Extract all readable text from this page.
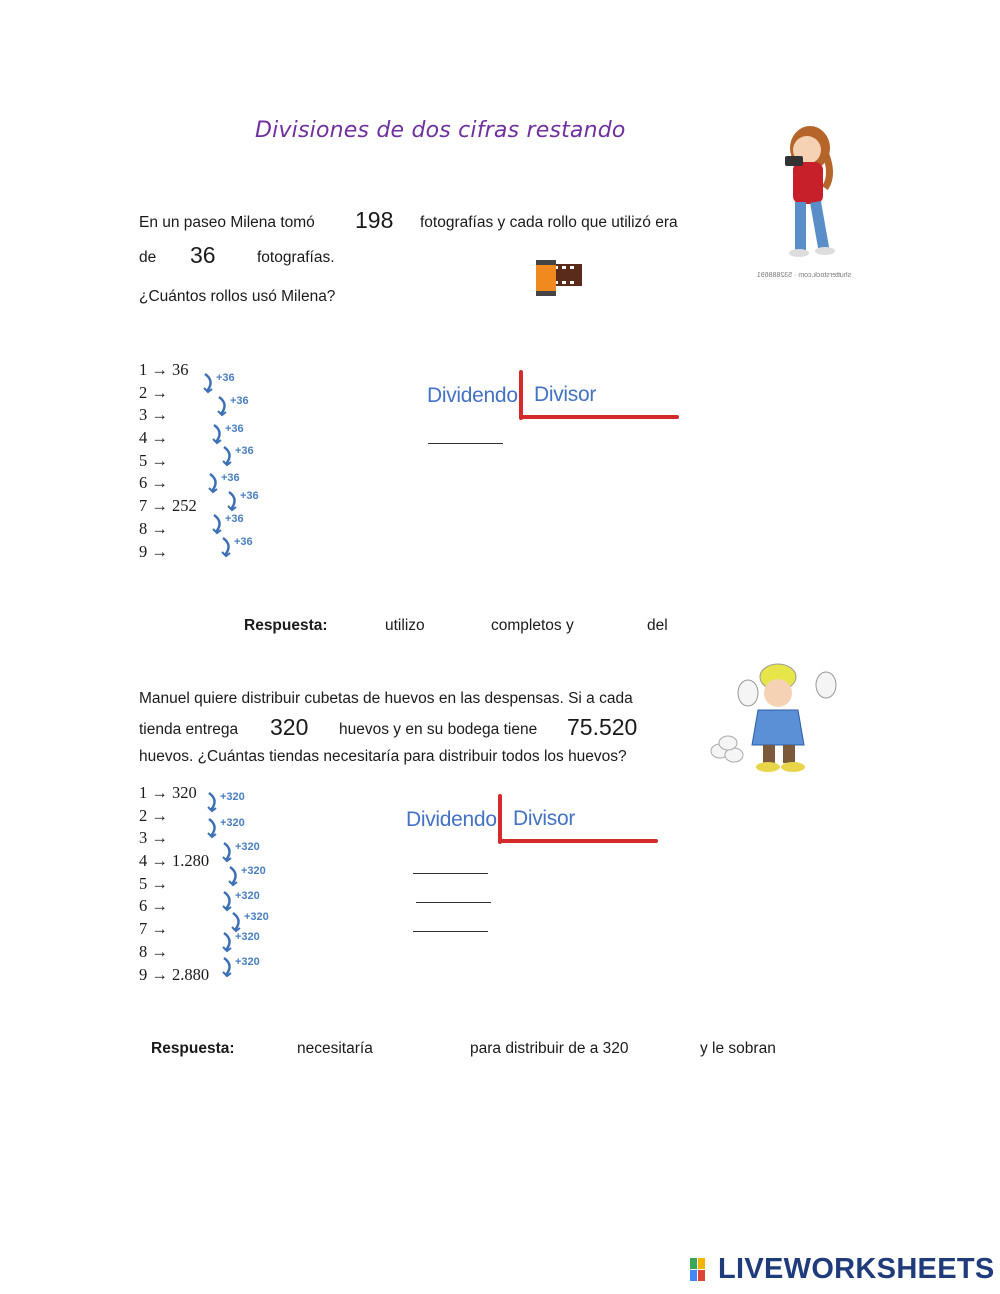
Divisiones de dos cifras restando
shutterstock.com · 532888691
En un paseo Milena tomó 198 fotografías y cada rollo que utilizó era
de 36	fotografías.
¿Cuántos rollos usó Milena?
1 → 36
2 →
3 →
4 →
5 →
6 →
7 → 252
8 →
9 →
+36
+36
+36
+36
+36
+36
+36
+36
Dividendo Divisor
Respuesta:	utilizo	completos y	del
Manuel quiere distribuir cubetas de huevos en las despensas. Si a cada
tienda entrega 320 huevos y en su bodega tiene 75.520
huevos. ¿Cuántas tiendas necesitaría para distribuir todos los huevos?
1 → 320
2 →
3 →
4 → 1.280
5 →
6 →
7 →
8 →
9 → 2.880
+320
+320
+320
+320
+320
+320
+320
+320
Dividendo Divisor
Respuesta:	necesitaría	para distribuir de a 320	y le sobran
LIVEWORKSHEETS
